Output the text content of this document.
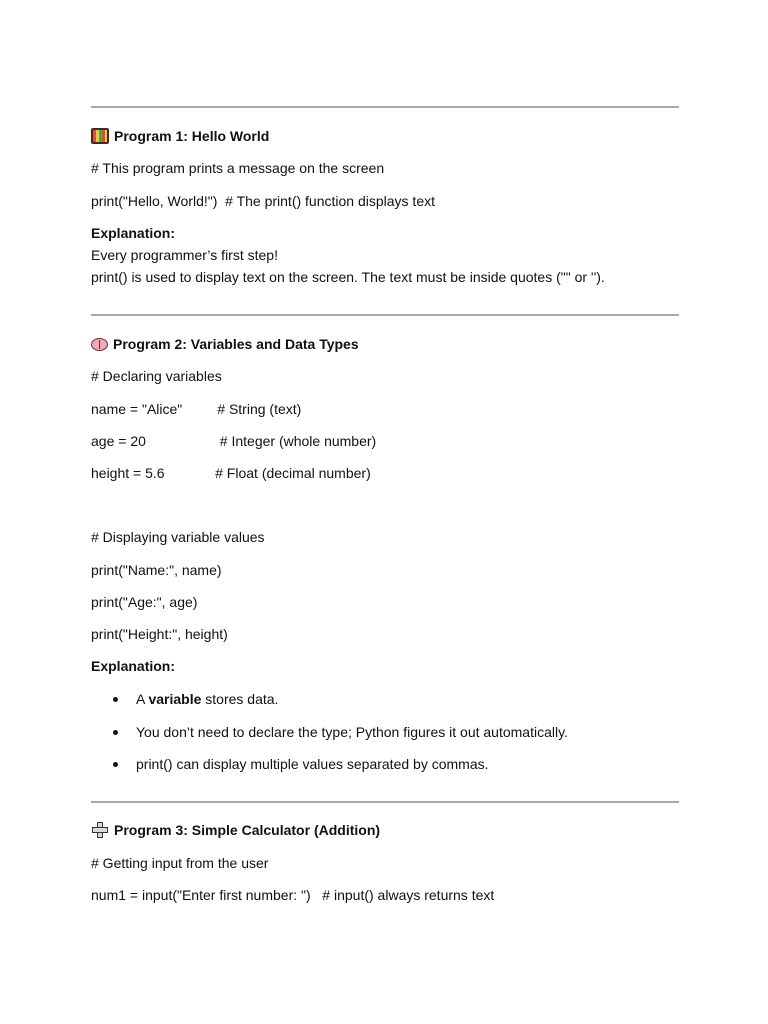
Program 1: Hello World
# This program prints a message on the screen
print("Hello, World!")  # The print() function displays text
Explanation:
Every programmer’s first step!
print() is used to display text on the screen. The text must be inside quotes ("" or '').
Program 2: Variables and Data Types
# Declaring variables
name = "Alice"         # String (text)
age = 20                   # Integer (whole number)
height = 5.6             # Float (decimal number)
# Displaying variable values
print("Name:", name)
print("Age:", age)
print("Height:", height)
Explanation:
A variable stores data.
You don’t need to declare the type; Python figures it out automatically.
print() can display multiple values separated by commas.
Program 3: Simple Calculator (Addition)
# Getting input from the user
num1 = input("Enter first number: ")   # input() always returns text
